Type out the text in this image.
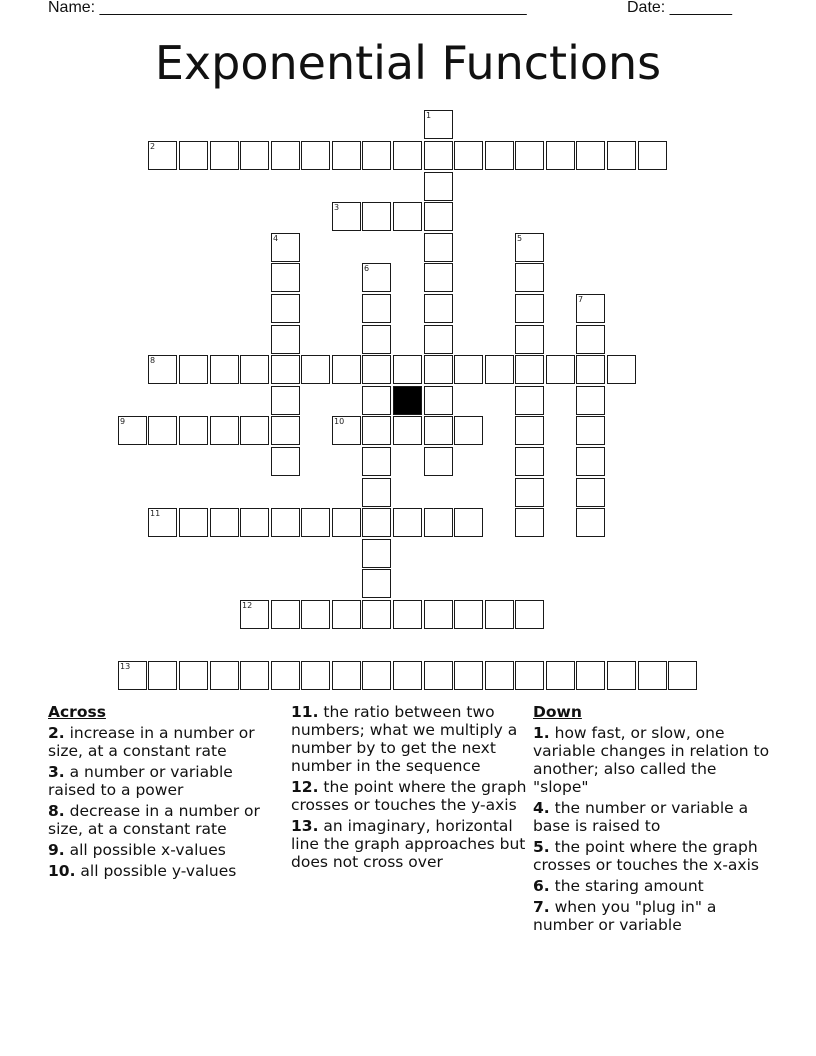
Name: ________________________________________________	Date: _______
Exponential Functions
1
2
3
4	5
6
7
8
9	10
11
12
13
Across
2. increase in a number or size, at a constant rate
3. a number or variable raised to a power
8. decrease in a number or size, at a constant rate
9. all possible x-values
10. all possible y-values
11. the ratio between two numbers; what we multiply a number by to get the next number in the sequence
12. the point where the graph crosses or touches the y-axis
13. an imaginary, horizontal line the graph approaches but does not cross over
Down
1. how fast, or slow, one variable changes in relation to another; also called the "slope"
4. the number or variable a base is raised to
5. the point where the graph crosses or touches the x-axis
6. the staring amount
7. when you "plug in" a number or variable
